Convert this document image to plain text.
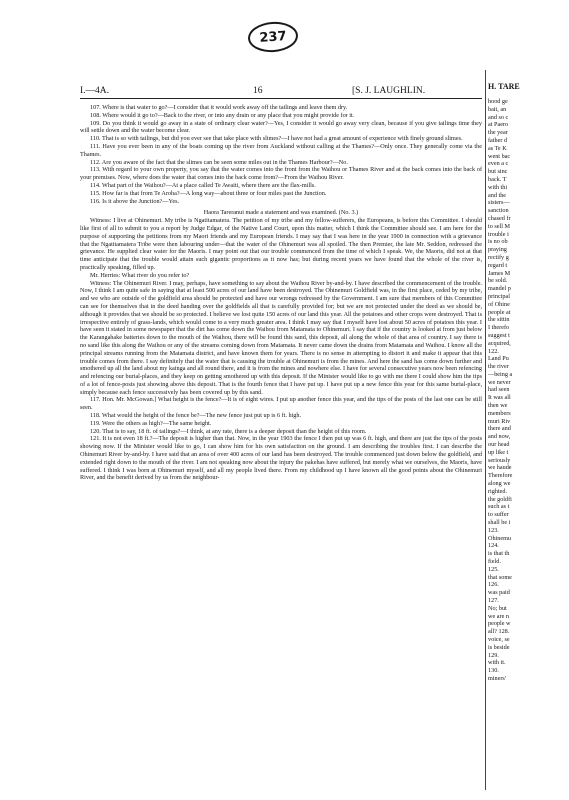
237
I.—4A.	16	[S. J. LAUGHLIN.

107. Where is that water to go?—I consider that it would work away off the tailings and leave them dry.

108. Where would it go to?—Back to the river, or into any drain or any place that you might provide for it.

109. Do you think it would go away in a state of ordinary clear water?—Yes, I consider it would go away very clean, because if you give tailings time they will settle down and the water become clear.

110. That is so with tailings, but did you ever see that take place with slimes?—I have not had a great amount of experience with finely ground slimes.

111. Have you ever been in any of the boats coming up the river from Auckland without calling at the Thames?—Only once. They generally come via the Thames.

112. Are you aware of the fact that the slimes can be seen some miles out in the Thames Harbour?—No.

113. With regard to your own property, you say that the water comes into the front from the Waihou or Thames River and at the back comes into the back of your premises. Now, where does the water that comes into the back come from?—From the Waihou River.

114. What part of the Waihou?—At a place called Te Awaiti, where there are the flax-mills.

115. How far is that from Te Aroha?—A long way—about three or four miles past the Junction.

116. Is it above the Junction?—Yes.

Haora Tareranui made a statement and was examined. (No. 3.)

Witness: I live at Ohinemuri. My tribe is Ngatitamatera. The petition of my tribe and my fellow-sufferers, the Europeans, is before this Committee. I should like first of all to submit to you a report by Judge Edgar, of the Native Land Court, upon this matter, which I think the Committee should see. I am here for the purpose of supporting the petitions from my Maori friends and my European friends. I may say that I was here in the year 1900 in connection with a grievance that the Ngatitamatera Tribe were then labouring under—that the water of the Ohinemuri was all spoiled. The then Premier, the late Mr. Seddon, redressed the grievance. He supplied clear water for the Maoris. I may point out that our trouble commenced from the time of which I speak. We, the Maoris, did not at that time anticipate that the trouble would attain such gigantic proportions as it now has; but during recent years we have found that the whole of the river is, practically speaking, filled up.

Mr. Herries: What river do you refer to?

Witness: The Ohinemuri River. I may, perhaps, have something to say about the Waihou River by-and-by. I have described the commencement of the trouble. Now, I think I am quite safe in saying that at least 500 acres of our land have been destroyed. The Ohinemuri Goldfield was, in the first place, ceded by my tribe, and we who are outside of the goldfield area should be protected and have our wrongs redressed by the Government. I am sure that members of this Committee can see for themselves that in the deed handing over the goldfields all that is carefully provided for; but we are not protected under the deed as we should be, although it provides that we should be so protected. I believe we lost quite 150 acres of our land this year. All the potatoes and other crops were destroyed. That is irrespective entirely of grass-lands, which would come to a very much greater area. I think I may say that I myself have lost about 50 acres of potatoes this year. I have seen it stated in some newspaper that the dirt has come down the Waihou from Matamata to Ohinemuri. I say that if the country is looked at from just below the Karangahake batteries down to the mouth of the Waihou, there will be found this sand, this deposit, all along the whole of that area of country. I say there is no sand like this along the Waihou or any of the streams coming down from Matamata. It never came down the drains from Matamata and Waihou. I know all the principal streams running from the Matamata district, and have known them for years. There is no sense in attempting to distort it and make it appear that this trouble comes from there. I say definitely that the water that is causing the trouble at Ohinemuri is from the mines. And here the sand has come down further and smothered up all the land about my kainga and all round there, and it is from the mines and nowhere else. I have for several consecutive years now been refencing and refencing our burial-places, and they keep on getting smothered up with this deposit. If the Minister would like to go with me there I could show him the tips of a lot of fence-posts just showing above this deposit. That is the fourth fence that I have put up. I have put up a new fence this year for this same burial-place, simply because each fence successively has been covered up by this sand.

117. Hon. Mr. McGowan.] What height is the fence?—It is of eight wires. I put up another fence this year, and the tips of the posts of the last one can be still seen.

118. What would the height of the fence be?—The new fence just put up is 6 ft. high.

119. Were the others as high?—The same height.

120. That is to say, 18 ft. of tailings?—I think, at any rate, there is a deeper deposit than the height of this room.

121. It is not even 18 ft.?—The deposit is higher than that. Now, in the year 1903 the fence I then put up was 6 ft. high, and there are just the tips of the posts showing now. If the Minister would like to go, I can show him for his own satisfaction on the ground. I am describing the troubles first. I can describe the Ohinemuri River by-and-by. I have said that an area of over 400 acres of our land has been destroyed. The trouble commenced just down below the goldfield, and extended right down to the mouth of the river. I am not speaking now about the injury the pakehas have suffered, but merely what we ourselves, the Maoris, have suffered. I think I was born at Ohinemuri myself, and all my people lived there. From my childhood up I have known all the good points about the Ohinemuri River, and the benefit derived by us from the neighbour-

H. TARE
hood ge
bait, an
and so c
at Paero
the year
father d
as Te K
went bac
even a c
but sinc
back. T
with thi
and the
sisters—
sanction
chased fr
to sell M
trouble i
is no ob
praying
rectify g
regard t
James M
be sold.
mandel p
principal
of Ohine
people at
the sittin
I therefo
suggest t
acquired,
122.
Land Pu
the river
—being a
we never
had seen
It was all
then we
members
muri Riv
there and
and now,
our head
up like t
seriously
we haude
Therefore
along we
righted.
the goldfi
such as t
to suffer
shall be i
123.
Ohinemu
124.
is that th
field.
125.
that some
126.
was paid
127.
No; but
we are n
people w
all? 128.
voice, se
is beside
129.
with it.
130.
miners'
